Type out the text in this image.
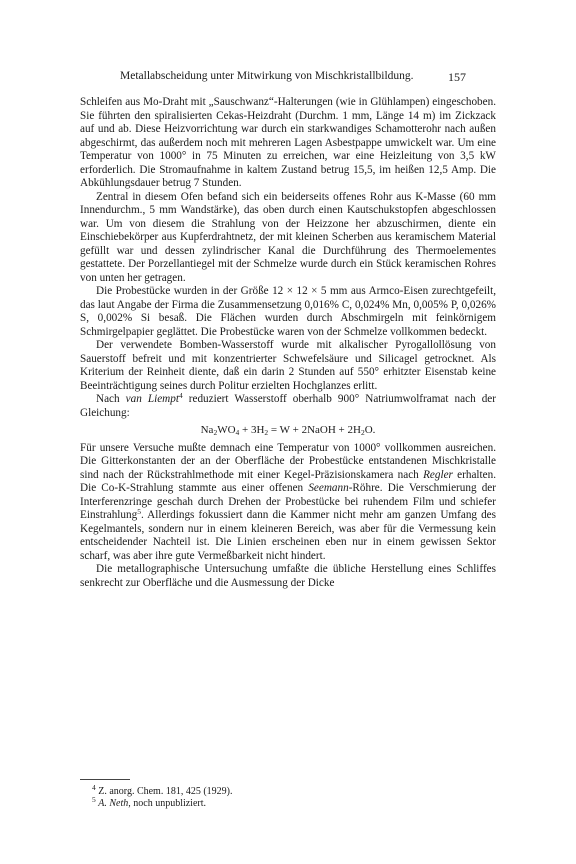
Metallabscheidung unter Mitwirkung von Mischkristallbildung.	157

Schleifen aus Mo-Draht mit „Sauschwanz“-Halterungen (wie in Glühlampen) eingeschoben. Sie führten den spiralisierten Cekas-Heizdraht (Durchm. 1 mm, Länge 14 m) im Zickzack auf und ab. Diese Heizvorrichtung war durch ein starkwandiges Schamotterohr nach außen abgeschirmt, das außerdem noch mit mehreren Lagen Asbestpappe umwickelt war. Um eine Temperatur von 1000° in 75 Minuten zu erreichen, war eine Heizleitung von 3,5 kW erforderlich. Die Stromaufnahme in kaltem Zustand betrug 15,5, im heißen 12,5 Amp. Die Abkühlungsdauer betrug 7 Stunden.

Zentral in diesem Ofen befand sich ein beiderseits offenes Rohr aus K-Masse (60 mm Innendurchm., 5 mm Wandstärke), das oben durch einen Kautschukstopfen abgeschlossen war. Um von diesem die Strahlung von der Heizzone her abzuschirmen, diente ein Einschiebekörper aus Kupferdrahtnetz, der mit kleinen Scherben aus keramischem Material gefüllt war und dessen zylindrischer Kanal die Durchführung des Thermoelementes gestattete. Der Porzellantiegel mit der Schmelze wurde durch ein Stück keramischen Rohres von unten her getragen.

Die Probestücke wurden in der Größe 12 × 12 × 5 mm aus Armco-Eisen zurechtgefeilt, das laut Angabe der Firma die Zusammensetzung 0,016% C, 0,024% Mn, 0,005% P, 0,026% S, 0,002% Si besaß. Die Flächen wurden durch Abschmirgeln mit feinkörnigem Schmirgelpapier geglättet. Die Probestücke waren von der Schmelze vollkommen bedeckt.

Der verwendete Bomben-Wasserstoff wurde mit alkalischer Pyrogallollösung von Sauerstoff befreit und mit konzentrierter Schwefelsäure und Silicagel getrocknet. Als Kriterium der Reinheit diente, daß ein darin 2 Stunden auf 550° erhitzter Eisenstab keine Beeinträchtigung seines durch Politur erzielten Hochglanzes erlitt.

Nach van Liempt$^4$ reduziert Wasserstoff oberhalb 900° Natriumwolframat nach der Gleichung:

$Na_2WO_4 + 3H_2 = W$ + 2NaOH + $2H_2O$.

Für unsere Versuche mußte demnach eine Temperatur von 1000° vollkommen ausreichen. Die Gitterkonstanten der an der Oberfläche der Probestücke entstandenen Mischkristalle sind nach der Rückstrahlmethode mit einer Kegel-Präzisionskamera nach Regler erhalten. Die Co-K-Strahlung stammte aus einer offenen Seemann-Röhre. Die Verschmierung der Interferenzringe geschah durch Drehen der Probestücke bei ruhendem Film und schiefer Einstrahlung$^5$. Allerdings fokussiert dann die Kammer nicht mehr am ganzen Umfang des Kegelmantels, sondern nur in einem kleineren Bereich, was aber für die Vermessung kein entscheidender Nachteil ist. Die Linien erscheinen eben nur in einem gewissen Sektor scharf, was aber ihre gute Vermeßbarkeit nicht hindert.

Die metallographische Untersuchung umfaßte die übliche Herstellung eines Schliffes senkrecht zur Oberfläche und die Ausmessung der Dicke

$^4$ Z. anorg. Chem. 181, 425 (1929).
$^5$ A. Neth, noch unpubliziert.
